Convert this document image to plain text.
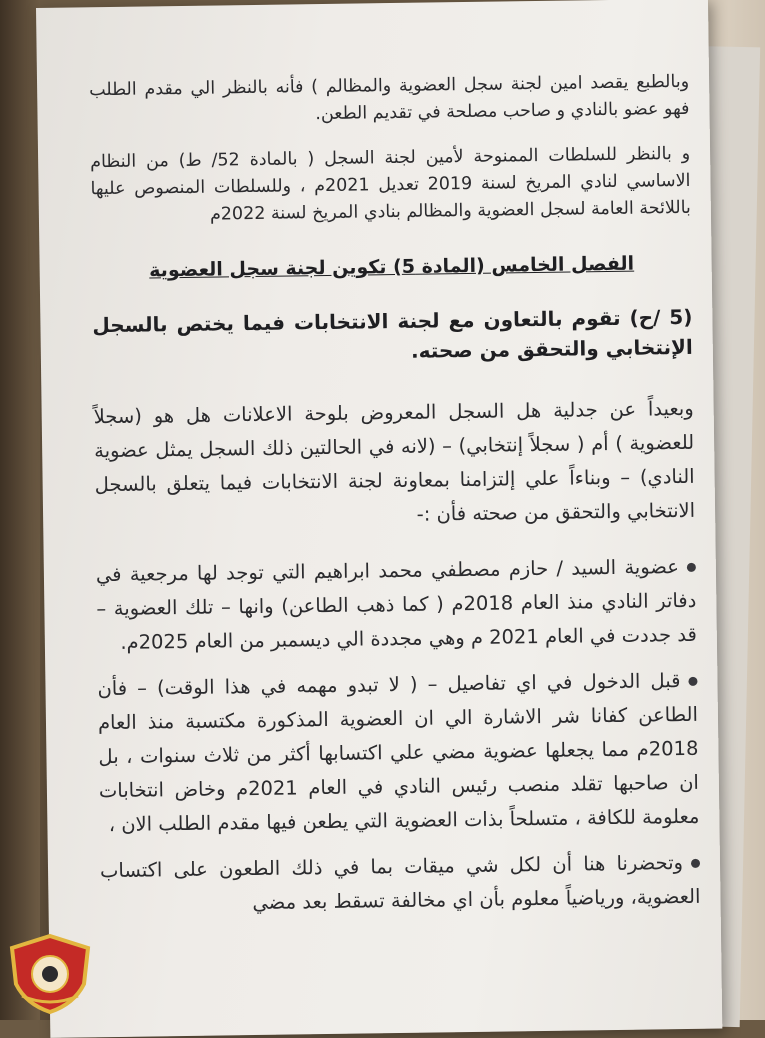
وبالطبع يقصد امين لجنة سجل العضوية والمظالم ) فأنه بالنظر الي مقدم الطلب فهو عضو بالنادي و صاحب مصلحة في تقديم الطعن.

و بالنظر للسلطات الممنوحة لأمين لجنة السجل ( بالمادة 52/ ط) من النظام الاساسي لنادي المريخ لسنة 2019 تعديل 2021م ، وللسلطات المنصوص عليها باللائحة العامة لسجل العضوية والمظالم بنادي المريخ لسنة 2022م

الفصل الخامس (المادة 5) تكوين لجنة سجل العضوية
(5 /ح) تقوم بالتعاون مع لجنة الانتخابات فيما يختص بالسجل الإنتخابي والتحقق من صحته.

وبعيداً عن جدلية هل السجل المعروض بلوحة الاعلانات هل هو (سجلاً للعضوية ) أم ( سجلاً إنتخابي) – (لانه في الحالتين ذلك السجل يمثل عضوية النادي) – وبناءاً علي إلتزامنا بمعاونة لجنة الانتخابات فيما يتعلق بالسجل الانتخابي والتحقق من صحته فأن :-

عضوية السيد / حازم مصطفي محمد ابراهيم التي توجد لها مرجعية في دفاتر النادي منذ العام 2018م ( كما ذهب الطاعن) وانها – تلك العضوية – قد جددت في العام 2021 م وهي مجددة الي ديسمبر من العام 2025م.

قبل الدخول في اي تفاصيل – ( لا تبدو مهمه في هذا الوقت) – فأن الطاعن كفانا شر الاشارة الي ان العضوية المذكورة مكتسبة منذ العام 2018م مما يجعلها عضوية مضي علي اكتسابها أكثر من ثلاث سنوات ، بل ان صاحبها تقلد منصب رئيس النادي في العام 2021م وخاض انتخابات معلومة للكافة ، متسلحاً بذات العضوية التي يطعن فيها مقدم الطلب الان ،

وتحضرنا هنا أن لكل شي ميقات بما في ذلك الطعون على اكتساب العضوية، ورياضياً معلوم بأن اي مخالفة تسقط بعد مضي
